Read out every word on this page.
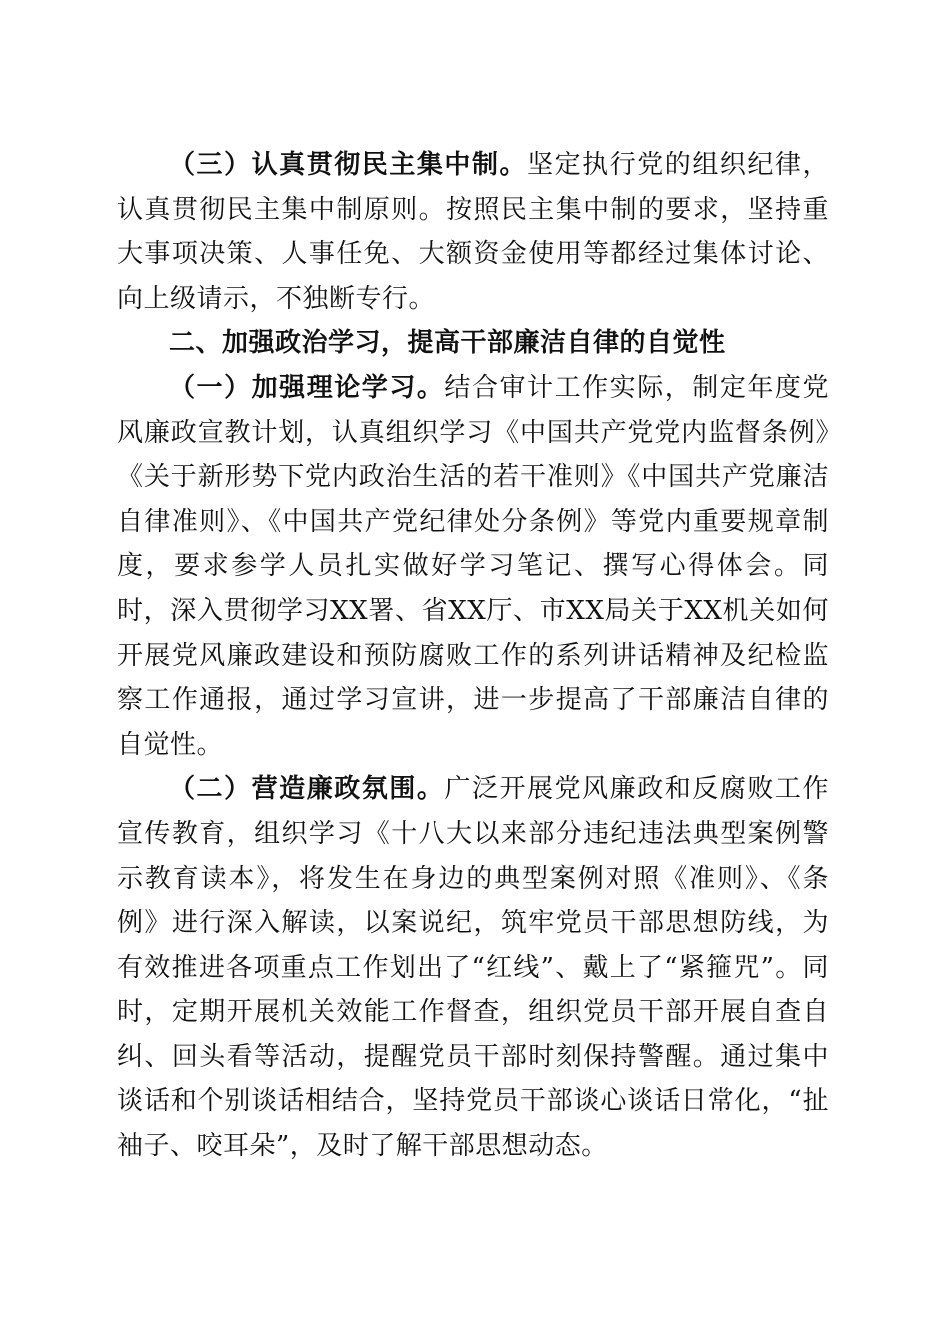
（三）认真贯彻民主集中制。坚定执行党的组织纪律，认真贯彻民主集中制原则。按照民主集中制的要求，坚持重大事项决策、人事任免、大额资金使用等都经过集体讨论、向上级请示，不独断专行。

二、加强政治学习，提高干部廉洁自律的自觉性

（一）加强理论学习。结合审计工作实际，制定年度党风廉政宣教计划，认真组织学习《中国共产党党内监督条例》《关于新形势下党内政治生活的若干准则》《中国共产党廉洁自律准则》、《中国共产党纪律处分条例》等党内重要规章制度，要求参学人员扎实做好学习笔记、撰写心得体会。同时，深入贯彻学习XX署、省XX厅、市XX局关于XX机关如何开展党风廉政建设和预防腐败工作的系列讲话精神及纪检监察工作通报，通过学习宣讲，进一步提高了干部廉洁自律的自觉性。

（二）营造廉政氛围。广泛开展党风廉政和反腐败工作宣传教育，组织学习《十八大以来部分违纪违法典型案例警示教育读本》，将发生在身边的典型案例对照《准则》、《条例》进行深入解读，以案说纪，筑牢党员干部思想防线，为有效推进各项重点工作划出了“红线”、戴上了“紧箍咒”。同时，定期开展机关效能工作督查，组织党员干部开展自查自纠、回头看等活动，提醒党员干部时刻保持警醒。通过集中谈话和个别谈话相结合，坚持党员干部谈心谈话日常化，“扯袖子、咬耳朵”，及时了解干部思想动态。
